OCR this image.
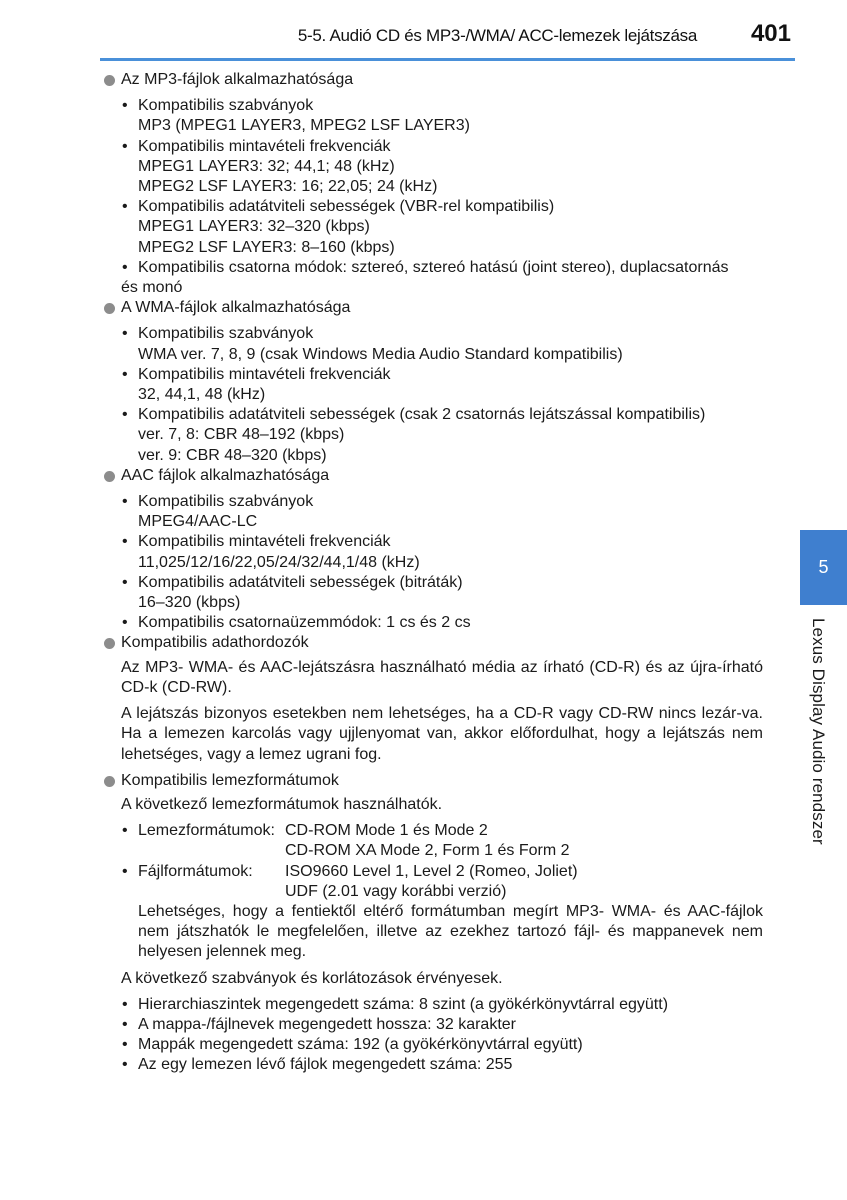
5-5. Audió CD és MP3-/WMA/ ACC-lemezek lejátszása 401
5
Lexus Display Audio rendszer
Az MP3-fájlok alkalmazhatósága
• Kompatibilis szabványok
MP3 (MPEG1 LAYER3, MPEG2 LSF LAYER3)
• Kompatibilis mintavételi frekvenciák
MPEG1 LAYER3: 32; 44,1; 48 (kHz)
MPEG2 LSF LAYER3: 16; 22,05; 24 (kHz)
• Kompatibilis adatátviteli sebességek (VBR-rel kompatibilis)
MPEG1 LAYER3: 32–320 (kbps)
MPEG2 LSF LAYER3: 8–160 (kbps)
• Kompatibilis csatorna módok: sztereó, sztereó hatású (joint stereo), duplacsatornás
és monó
A WMA-fájlok alkalmazhatósága
• Kompatibilis szabványok
WMA ver. 7, 8, 9 (csak Windows Media Audio Standard kompatibilis)
• Kompatibilis mintavételi frekvenciák
32, 44,1, 48 (kHz)
• Kompatibilis adatátviteli sebességek (csak 2 csatornás lejátszással kompatibilis)
ver. 7, 8: CBR 48–192 (kbps)
ver. 9: CBR 48–320 (kbps)
AAC fájlok alkalmazhatósága
• Kompatibilis szabványok
MPEG4/AAC-LC
• Kompatibilis mintavételi frekvenciák
11,025/12/16/22,05/24/32/44,1/48 (kHz)
• Kompatibilis adatátviteli sebességek (bitráták)
16–320 (kbps)
• Kompatibilis csatornaüzemmódok: 1 cs és 2 cs
Kompatibilis adathordozók

Az MP3- WMA- és AAC-lejátszásra használható média az írható (CD-R) és az újra-írható CD-k (CD-RW).

A lejátszás bizonyos esetekben nem lehetséges, ha a CD-R vagy CD-RW nincs lezár-va. Ha a lemezen karcolás vagy ujjlenyomat van, akkor előfordulhat, hogy a lejátszás nem lehetséges, vagy a lemez ugrani fog.

Kompatibilis lemezformátumok

A következő lemezformátumok használhatók.

• Lemezformátumok: CD-ROM Mode 1 és Mode 2
CD-ROM XA Mode 2, Form 1 és Form 2
• Fájlformátumok:	ISO9660 Level 1, Level 2 (Romeo, Joliet)
UDF (2.01 vagy korábbi verzió)
Lehetséges, hogy a fentiektől eltérő formátumban megírt MP3- WMA- és AAC-fájlok nem játszhatók le megfelelően, illetve az ezekhez tartozó fájl- és mappanevek nem helyesen jelennek meg.

A következő szabványok és korlátozások érvényesek.

• Hierarchiaszintek megengedett száma: 8 szint (a gyökérkönyvtárral együtt)
• A mappa-/fájlnevek megengedett hossza: 32 karakter
• Mappák megengedett száma: 192 (a gyökérkönyvtárral együtt)
• Az egy lemezen lévő fájlok megengedett száma: 255
